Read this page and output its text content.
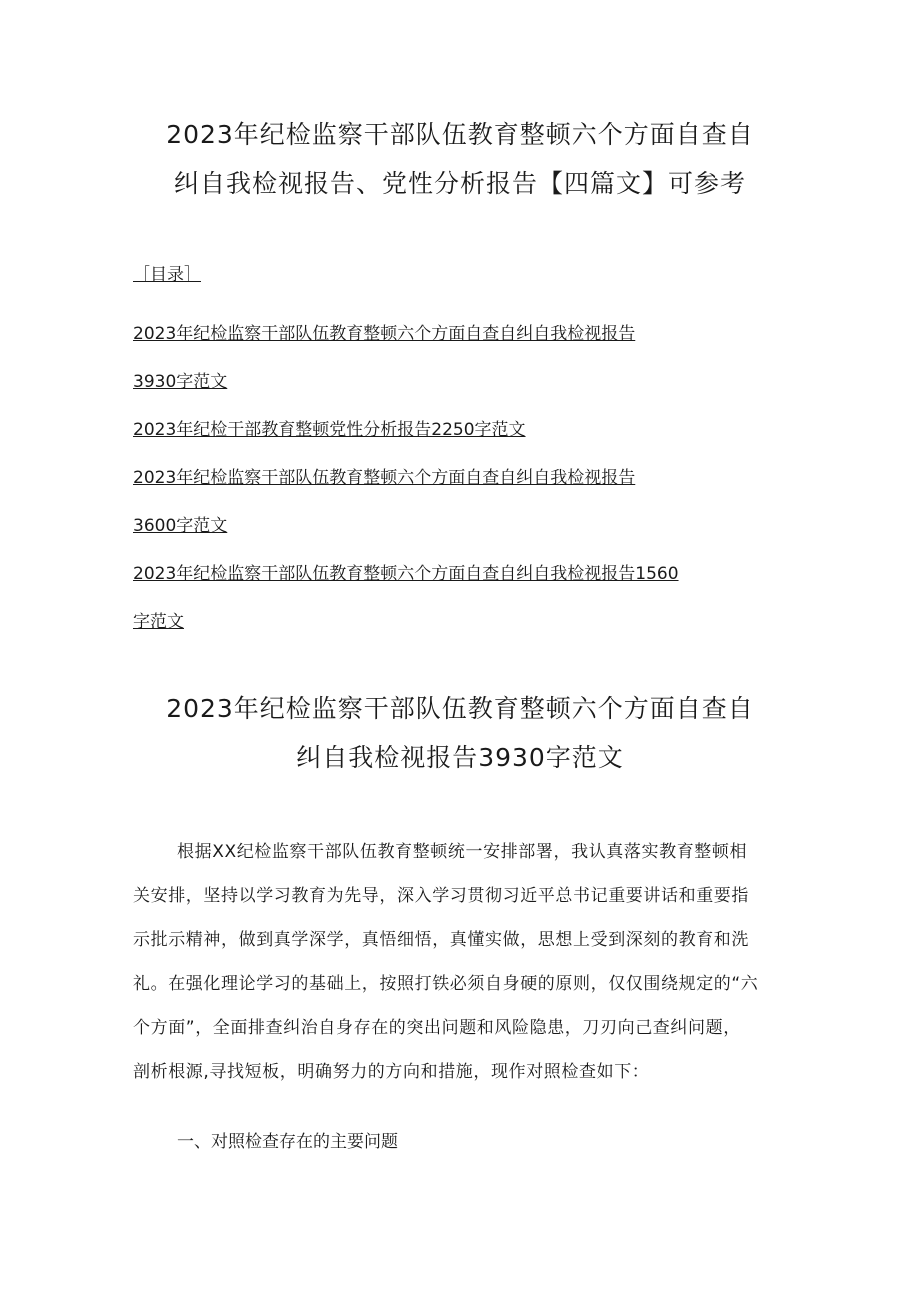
2023年纪检监察干部队伍教育整顿六个方面自查自
纠自我检视报告、党性分析报告【四篇文】可参考
［目录］
2023年纪检监察干部队伍教育整顿六个方面自查自纠自我检视报告
3930字范文
2023年纪检干部教育整顿党性分析报告2250字范文
2023年纪检监察干部队伍教育整顿六个方面自查自纠自我检视报告
3600字范文
2023年纪检监察干部队伍教育整顿六个方面自查自纠自我检视报告1560
字范文
2023年纪检监察干部队伍教育整顿六个方面自查自
纠自我检视报告3930字范文

根据XX纪检监察干部队伍教育整顿统一安排部署，我认真落实教育整顿相
关安排，坚持以学习教育为先导，深入学习贯彻习近平总书记重要讲话和重要指
示批示精神，做到真学深学，真悟细悟，真懂实做，思想上受到深刻的教育和洗
礼。在强化理论学习的基础上，按照打铁必须自身硬的原则，仅仅围绕规定的“六
个方面”，全面排查纠治自身存在的突出问题和风险隐患，刀刃向己查纠问题，
剖析根源,寻找短板，明确努力的方向和措施，现作对照检查如下：

一、对照检查存在的主要问题
